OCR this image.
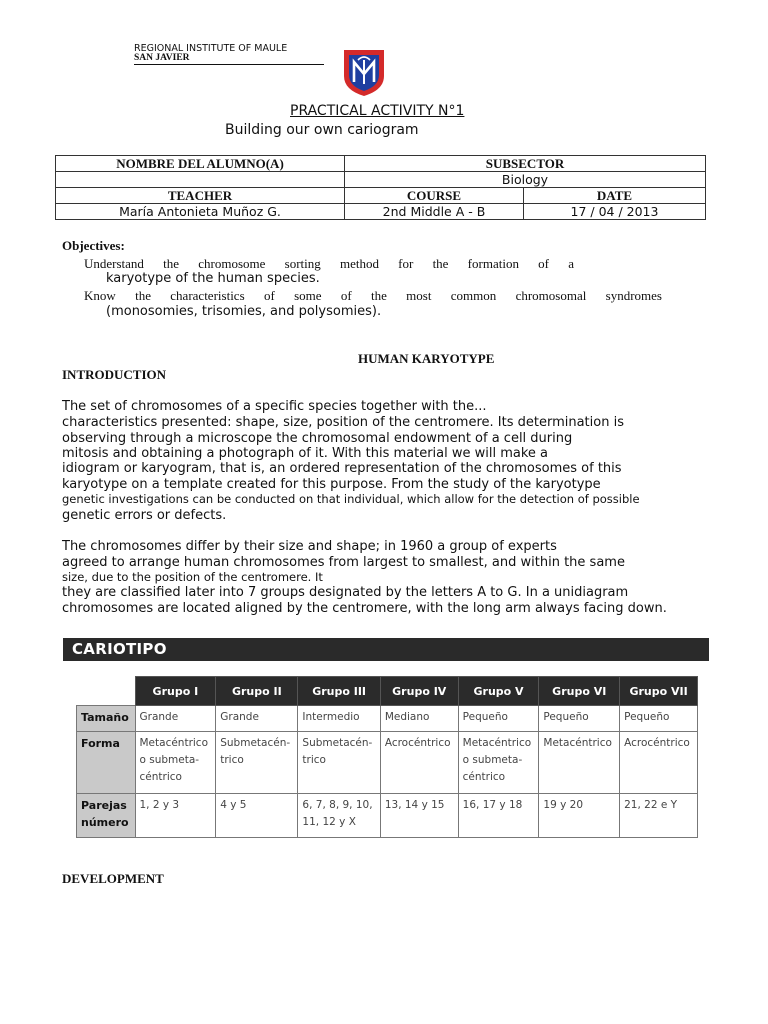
REGIONAL INSTITUTE OF MAULE
SAN JAVIER
PRACTICAL ACTIVITY N°1
Building our own cariogram
NOMBRE DEL ALUMNO(A)	SUBSECTOR	
	Biology	
TEACHER	COURSE	DATE
María Antonieta Muñoz G.	2nd Middle A - B	17 / 04 / 2013
Objectives:
Understand the chromosome sorting method for the formation of a
karyotype of the human species.
Know the characteristics of some of the most common chromosomal syndromes
(monosomies, trisomies, and polysomies).
HUMAN KARYOTYPE
INTRODUCTION
The set of chromosomes of a specific species together with the...
characteristics presented: shape, size, position of the centromere. Its determination is
observing through a microscope the chromosomal endowment of a cell during
mitosis and obtaining a photograph of it. With this material we will make a
idiogram or karyogram, that is, an ordered representation of the chromosomes of this
karyotype on a template created for this purpose. From the study of the karyotype
genetic investigations can be conducted on that individual, which allow for the detection of possible
genetic errors or defects.
The chromosomes differ by their size and shape; in 1960 a group of experts
agreed to arrange human chromosomes from largest to smallest, and within the same
size, due to the position of the centromere. It
they are classified later into 7 groups designated by the letters A to G. In a unidiagram
chromosomes are located aligned by the centromere, with the long arm always facing down.
CARIOTIPO
	Grupo I	Grupo II	Grupo III	Grupo IV	Grupo V	Grupo VI	Grupo VII
Tamaño	Grande	Grande	Intermedio	Mediano	Pequeño	Pequeño	Pequeño
Forma	Metacéntrico
o submeta-
céntrico	Submetacén-
trico	Submetacén-
trico	Acrocéntrico	Metacéntrico
o submeta-
céntrico	Metacéntrico	Acrocéntrico
Parejas
número	1, 2 y 3	4 y 5	6, 7, 8, 9, 10,
11, 12 y X	13, 14 y 15	16, 17 y 18	19 y 20	21, 22 e Y
DEVELOPMENT
